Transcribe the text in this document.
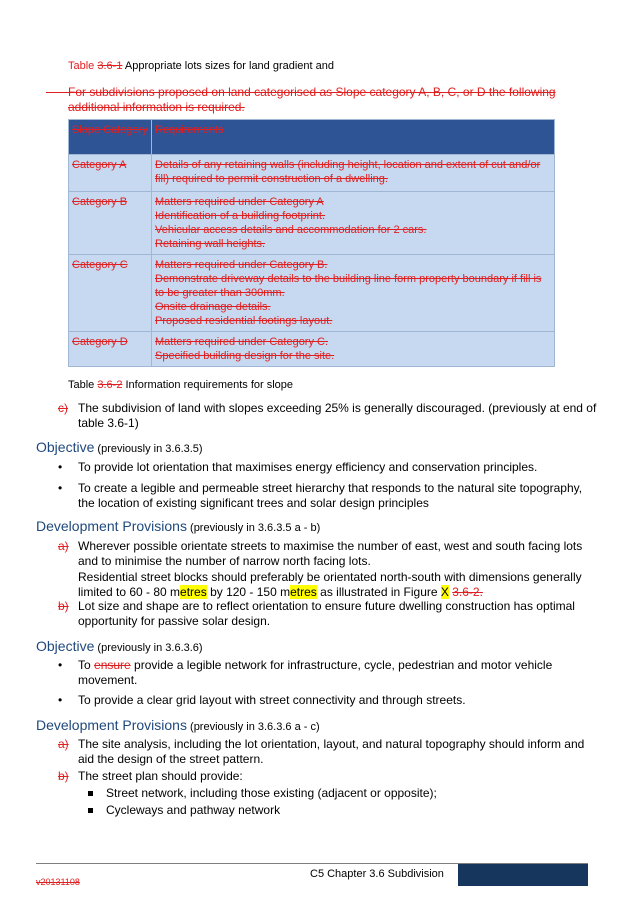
Table 3.6-1 Appropriate lots sizes for land gradient and
For subdivisions proposed on land categorised as Slope category A, B, C, or D the following additional information is required.
Slope Category	Requirements
Category A	Details of any retaining walls (including height, location and extent of cut and/or fill) required to permit construction of a dwelling.

Category B	Matters required under Category A
Identification of a building footprint.
Vehicular access details and accommodation for 2 cars.
Retaining wall heights.

Category C	Matters required under Category B.
Demonstrate driveway details to the building line form property boundary if fill is to be greater than 300mm.
Onsite drainage details.
Proposed residential footings layout.

Category D	Matters required under Category C.
Specified building design for the site.
Table 3.6-2 Information requirements for slope
c) The subdivision of land with slopes exceeding 25% is generally discouraged. (previously at end of table 3.6-1)
Objective (previously in 3.6.3.5)
• To provide lot orientation that maximises energy efficiency and conservation principles.
• To create a legible and permeable street hierarchy that responds to the natural site topography, the location of existing significant trees and solar design principles
Development Provisions (previously in 3.6.3.5 a - b)
a) Wherever possible orientate streets to maximise the number of east, west and south facing lots and to minimise the number of narrow north facing lots.
Residential street blocks should preferably be orientated north-south with dimensions generally limited to 60 - 80 metres by 120 - 150 metres as illustrated in Figure X 3.6-2.
b) Lot size and shape are to reflect orientation to ensure future dwelling construction has optimal opportunity for passive solar design.
Objective (previously in 3.6.3.6)
• To ensure provide a legible network for infrastructure, cycle, pedestrian and motor vehicle movement.
• To provide a clear grid layout with street connectivity and through streets.
Development Provisions (previously in 3.6.3.6 a - c)
a) The site analysis, including the lot orientation, layout, and natural topography should inform and aid the design of the street pattern.
b) The street plan should provide:
Street network, including those existing (adjacent or opposite);
Cycleways and pathway network
C5 Chapter 3.6 Subdivision
v20131108
